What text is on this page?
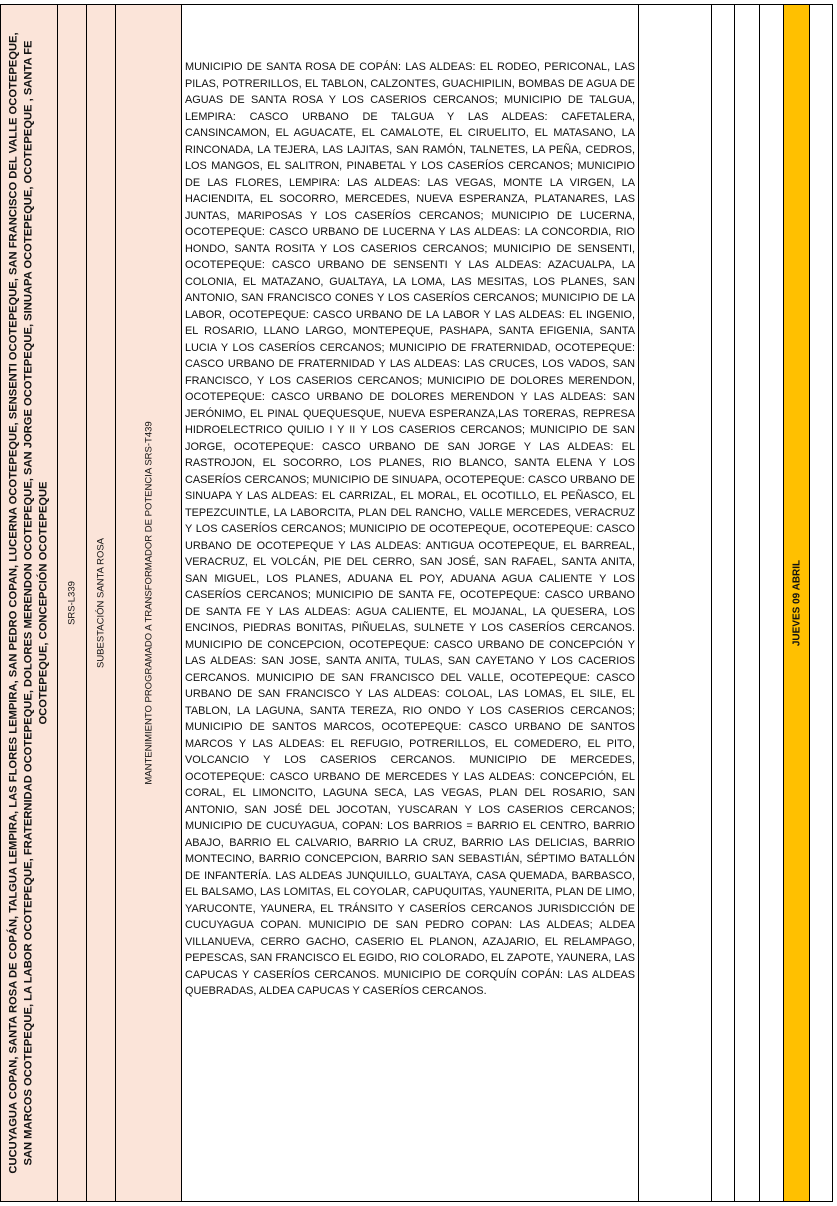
CUCUYAGUA COPAN, SANTA ROSA DE COPÁN, TALGUA LEMPIRA, LAS FLORES LEMPIRA, SAN PEDRO COPAN, LUCERNA OCOTEPEQUE, SENSENTI OCOTEPEQUE, SAN FRANCISCO DEL VALLE OCOTEPEQUE, SAN MARCOS OCOTEPEQUE, LA LABOR OCOTEPEQUE, FRATERNIDAD OCOTEPEQUE, DOLORES MERENDON OCOTEPEQUE, SAN JORGE OCOTEPEQUE, SINUAPA OCOTEPEQUE, OCOTEPEQUE , SANTA FE OCOTEPEQUE, CONCEPCIÓN OCOTEPEQUE SRS-L339 SUBESTACIÓN SANTA ROSA	MANTENIMIENTO PROGRAMADO A TRANSFORMADOR DE POTENCIA SRS-T439
MUNICIPIO DE SANTA ROSA DE COPÁN: LAS ALDEAS: EL RODEO, PERICONAL, LAS PILAS, POTRERILLOS, EL TABLON, CALZONTES, GUACHIPILIN, BOMBAS DE AGUA DE AGUAS DE SANTA ROSA Y LOS CASERIOS CERCANOS; MUNICIPIO DE TALGUA, LEMPIRA: CASCO URBANO DE TALGUA Y LAS ALDEAS: CAFETALERA, CANSINCAMON, EL AGUACATE, EL CAMALOTE, EL CIRUELITO, EL MATASANO, LA RINCONADA, LA TEJERA, LAS LAJITAS, SAN RAMÓN, TALNETES, LA PEÑA, CEDROS, LOS MANGOS, EL SALITRON, PINABETAL Y LOS CASERÍOS CERCANOS; MUNICIPIO DE LAS FLORES, LEMPIRA: LAS ALDEAS: LAS VEGAS, MONTE LA VIRGEN, LA HACIENDITA, EL SOCORRO, MERCEDES, NUEVA ESPERANZA, PLATANARES, LAS JUNTAS, MARIPOSAS Y LOS CASERÍOS CERCANOS; MUNICIPIO DE LUCERNA, OCOTEPEQUE: CASCO URBANO DE LUCERNA Y LAS ALDEAS: LA CONCORDIA, RIO HONDO, SANTA ROSITA Y LOS CASERIOS CERCANOS; MUNICIPIO DE SENSENTI, OCOTEPEQUE: CASCO URBANO DE SENSENTI Y LAS ALDEAS: AZACUALPA, LA COLONIA, EL MATAZANO, GUALTAYA, LA LOMA, LAS MESITAS, LOS PLANES, SAN ANTONIO, SAN FRANCISCO CONES Y LOS CASERÍOS CERCANOS; MUNICIPIO DE LA LABOR, OCOTEPEQUE: CASCO URBANO DE LA LABOR Y LAS ALDEAS: EL INGENIO, EL ROSARIO, LLANO LARGO, MONTEPEQUE, PASHAPA, SANTA EFIGENIA, SANTA LUCIA Y LOS CASERÍOS CERCANOS; MUNICIPIO DE FRATERNIDAD, OCOTEPEQUE: CASCO URBANO DE FRATERNIDAD Y LAS ALDEAS: LAS CRUCES, LOS VADOS, SAN FRANCISCO, Y LOS CASERIOS CERCANOS; MUNICIPIO DE DOLORES MERENDON, OCOTEPEQUE: CASCO URBANO DE DOLORES MERENDON Y LAS ALDEAS: SAN JERÓNIMO, EL PINAL QUEQUESQUE, NUEVA ESPERANZA,LAS TORERAS, REPRESA HIDROELECTRICO QUILIO I Y II Y LOS CASERIOS CERCANOS; MUNICIPIO DE SAN JORGE, OCOTEPEQUE: CASCO URBANO DE SAN JORGE Y LAS ALDEAS: EL RASTROJON, EL SOCORRO, LOS PLANES, RIO BLANCO, SANTA ELENA Y LOS CASERÍOS CERCANOS; MUNICIPIO DE SINUAPA, OCOTEPEQUE: CASCO URBANO DE SINUAPA Y LAS ALDEAS: EL CARRIZAL, EL MORAL, EL OCOTILLO, EL PEÑASCO, EL TEPEZCUINTLE, LA LABORCITA, PLAN DEL RANCHO, VALLE MERCEDES, VERACRUZ Y LOS CASERÍOS CERCANOS; MUNICIPIO DE OCOTEPEQUE, OCOTEPEQUE: CASCO URBANO DE OCOTEPEQUE Y LAS ALDEAS: ANTIGUA OCOTEPEQUE, EL BARREAL, VERACRUZ, EL VOLCÁN, PIE DEL CERRO, SAN JOSÉ, SAN RAFAEL, SANTA ANITA, SAN MIGUEL, LOS PLANES, ADUANA EL POY, ADUANA AGUA CALIENTE Y LOS CASERÍOS CERCANOS; MUNICIPIO DE SANTA FE, OCOTEPEQUE: CASCO URBANO DE SANTA FE Y LAS ALDEAS: AGUA CALIENTE, EL MOJANAL, LA QUESERA, LOS ENCINOS, PIEDRAS BONITAS, PIÑUELAS, SULNETE Y LOS CASERÍOS CERCANOS. MUNICIPIO DE CONCEPCION, OCOTEPEQUE: CASCO URBANO DE CONCEPCIÓN Y LAS ALDEAS: SAN JOSE, SANTA ANITA, TULAS, SAN CAYETANO Y LOS CACERIOS CERCANOS. MUNICIPIO DE SAN FRANCISCO DEL VALLE, OCOTEPEQUE: CASCO URBANO DE SAN FRANCISCO Y LAS ALDEAS: COLOAL, LAS LOMAS, EL SILE, EL TABLON, LA LAGUNA, SANTA TEREZA, RIO ONDO Y LOS CASERIOS CERCANOS; MUNICIPIO DE SANTOS MARCOS, OCOTEPEQUE: CASCO URBANO DE SANTOS MARCOS Y LAS ALDEAS: EL REFUGIO, POTRERILLOS, EL COMEDERO, EL PITO, VOLCANCIO Y LOS CASERIOS CERCANOS. MUNICIPIO DE MERCEDES, OCOTEPEQUE: CASCO URBANO DE MERCEDES Y LAS ALDEAS: CONCEPCIÓN, EL CORAL, EL LIMONCITO, LAGUNA SECA, LAS VEGAS, PLAN DEL ROSARIO, SAN ANTONIO, SAN JOSÉ DEL JOCOTAN, YUSCARAN Y LOS CASERIOS CERCANOS; MUNICIPIO DE CUCUYAGUA, COPAN: LOS BARRIOS = BARRIO EL CENTRO, BARRIO ABAJO, BARRIO EL CALVARIO, BARRIO LA CRUZ, BARRIO LAS DELICIAS, BARRIO MONTECINO, BARRIO CONCEPCION, BARRIO SAN SEBASTIÁN, SÉPTIMO BATALLÓN DE INFANTERÍA. LAS ALDEAS JUNQUILLO, GUALTAYA, CASA QUEMADA, BARBASCO, EL BALSAMO, LAS LOMITAS, EL COYOLAR, CAPUQUITAS, YAUNERITA, PLAN DE LIMO, YARUCONTE, YAUNERA, EL TRÁNSITO Y CASERÍOS CERCANOS JURISDICCIÓN DE CUCUYAGUA COPAN. MUNICIPIO DE SAN PEDRO COPAN: LAS ALDEAS; ALDEA VILLANUEVA, CERRO GACHO, CASERIO EL PLANON, AZAJARIO, EL RELAMPAGO, PEPESCAS, SAN FRANCISCO EL EGIDO, RIO COLORADO, EL ZAPOTE, YAUNERA, LAS CAPUCAS Y CASERÍOS CERCANOS. MUNICIPIO DE CORQUÍN COPÁN: LAS ALDEAS QUEBRADAS, ALDEA CAPUCAS Y CASERÍOS CERCANOS.
JUEVES 09 ABRIL
